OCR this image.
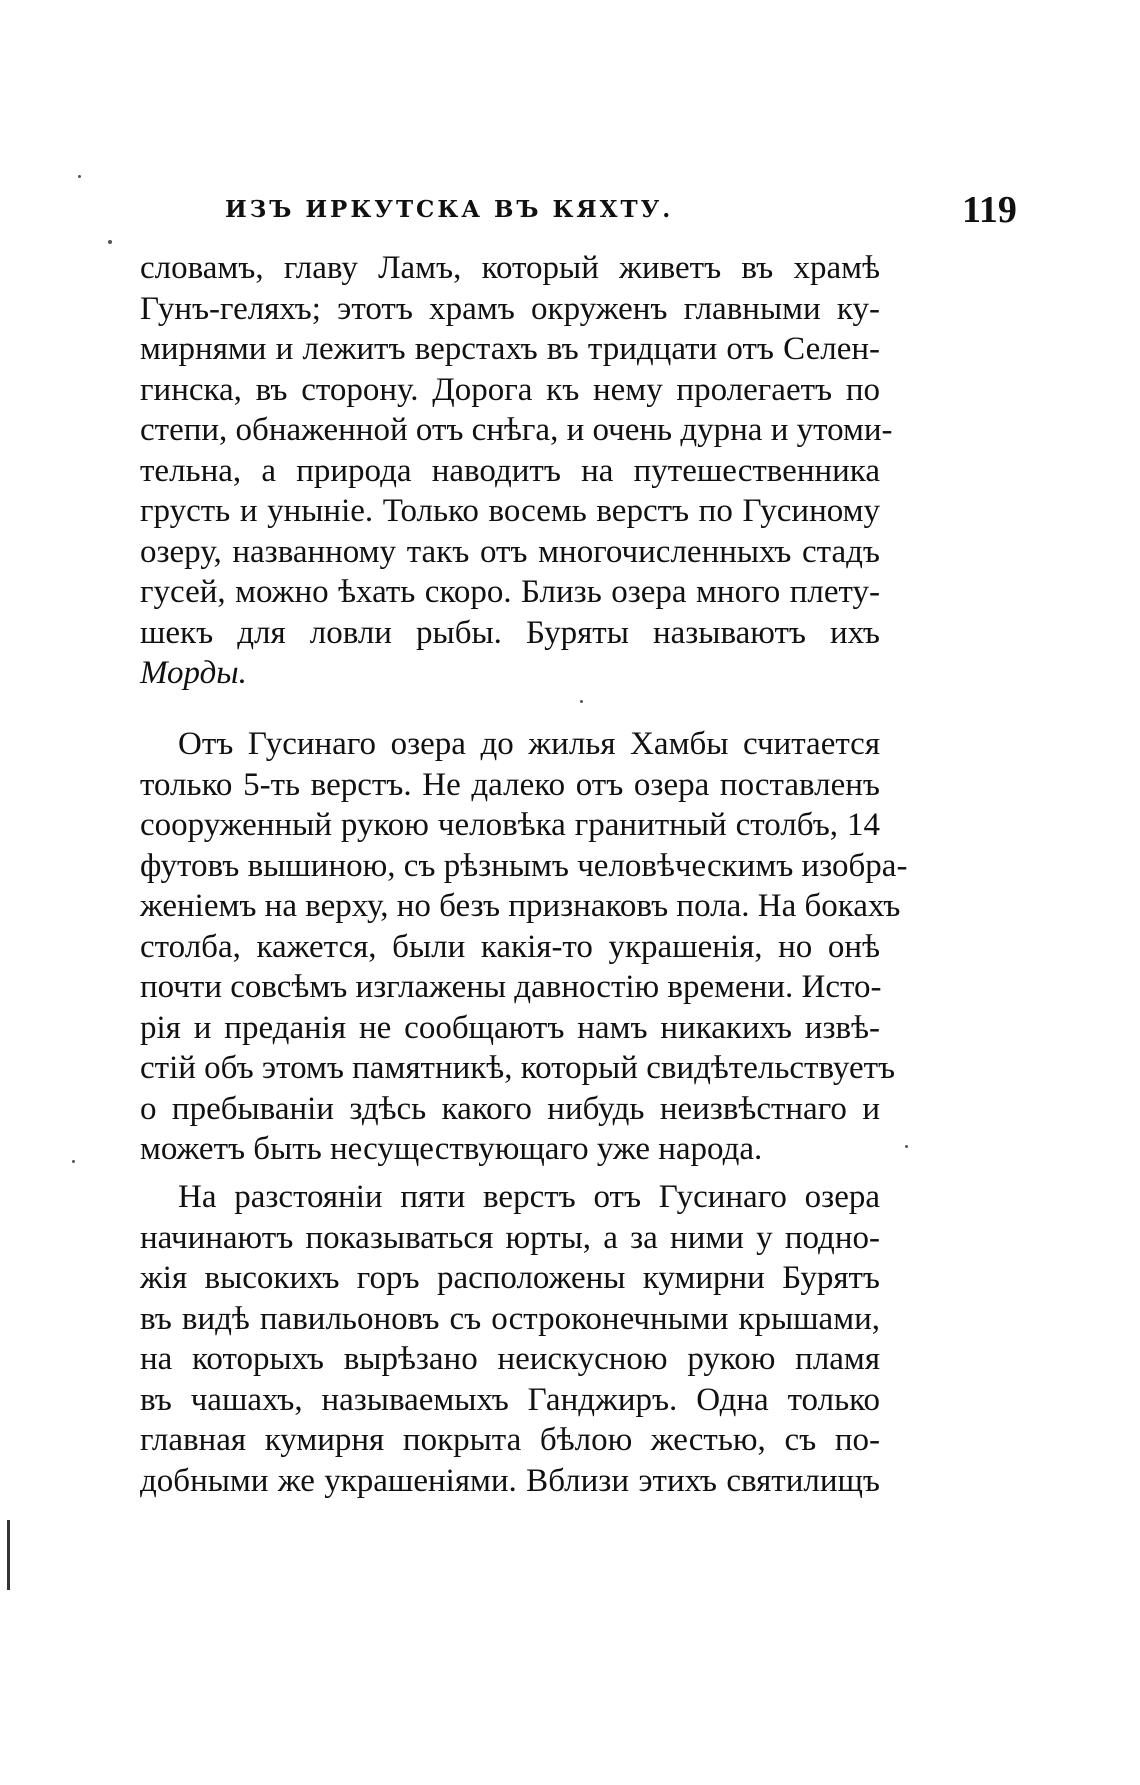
ИЗЪ ИРКУТСКА ВЪ КЯХТУ.	119
словамъ, главу Ламъ, который живетъ въ храмѣ
Гунъ-геляхъ; этотъ храмъ окруженъ главными ку-
мирнями и лежитъ верстахъ въ тридцати отъ Селен-
гинска, въ сторону. Дорога къ нему пролегаетъ по
степи, обнаженной отъ снѣга, и очень дурна и утоми-
тельна, а природа наводитъ на путешественника
грусть и уныніе. Только восемь верстъ по Гусиному
озеру, названному такъ отъ многочисленныхъ стадъ
гусей, можно ѣхать скоро. Близь озера много плету-
шекъ для ловли рыбы. Буряты называютъ ихъ
Морды.
Отъ Гусинаго озера до жилья Хамбы считается
только 5-ть верстъ. Не далеко отъ озера поставленъ
сооруженный рукою человѣка гранитный столбъ, 14
футовъ вышиною, съ рѣзнымъ человѣческимъ изобра-
женіемъ на верху, но безъ признаковъ пола. На бокахъ
столба, кажется, были какія-то украшенія, но онѣ
почти совсѣмъ изглажены давностію времени. Исто-
рія и преданія не сообщаютъ намъ никакихъ извѣ-
стій объ этомъ памятникѣ, который свидѣтельствуетъ
о пребываніи здѣсь какого нибудь неизвѣстнаго и
можетъ быть несуществующаго уже народа.
На разстояніи пяти верстъ отъ Гусинаго озера
начинаютъ показываться юрты, а за ними у подно-
жія высокихъ горъ расположены кумирни Бурятъ
въ видѣ павильоновъ съ остроконечными крышами,
на которыхъ вырѣзано неискусною рукою пламя
въ чашахъ, называемыхъ Ганджиръ. Одна только
главная кумирня покрыта бѣлою жестью, съ по-
добными же украшеніями. Вблизи этихъ святилищъ
